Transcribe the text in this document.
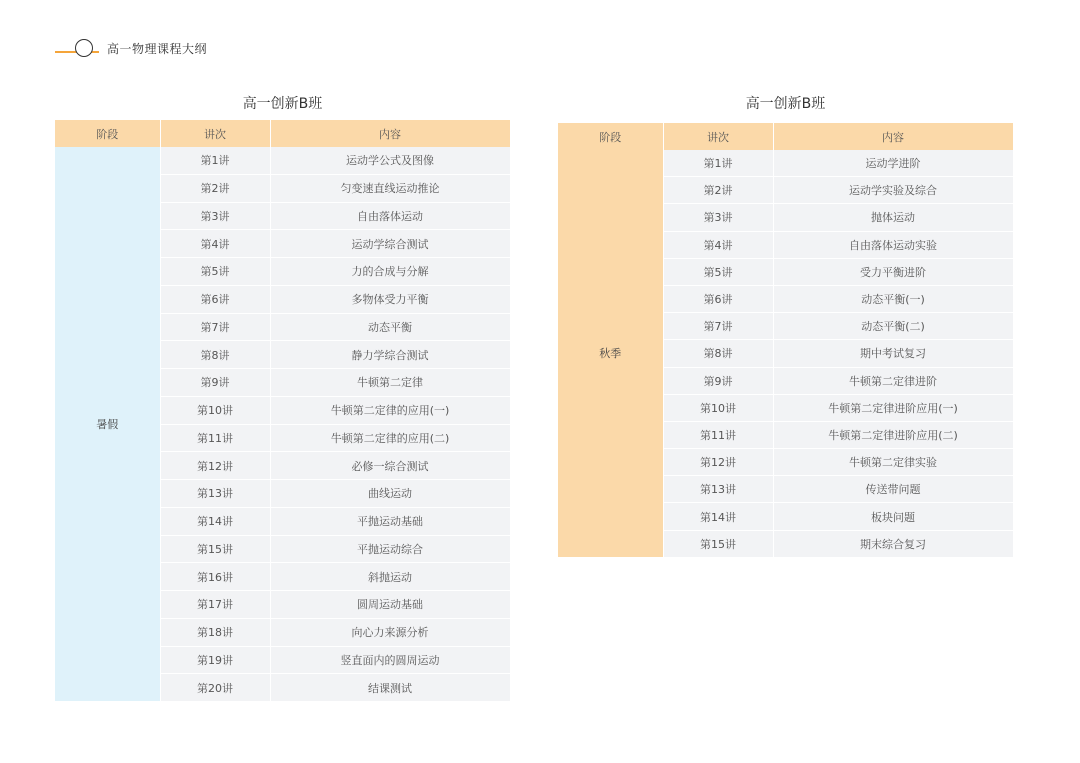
高一物理课程大纲
高一创新B班
阶段	讲次	内容
暑假	第1讲	运动学公式及图像
	第2讲	匀变速直线运动推论
	第3讲	自由落体运动
	第4讲	运动学综合测试
	第5讲	力的合成与分解
	第6讲	多物体受力平衡
	第7讲	动态平衡
	第8讲	静力学综合测试
	第9讲	牛顿第二定律
	第10讲	牛顿第二定律的应用(一)
	第11讲	牛顿第二定律的应用(二)
	第12讲	必修一综合测试
	第13讲	曲线运动
	第14讲	平抛运动基础
	第15讲	平抛运动综合
	第16讲	斜抛运动
	第17讲	圆周运动基础
	第18讲	向心力来源分析
	第19讲	竖直面内的圆周运动
	第20讲	结课测试
高一创新B班
阶段	讲次	内容
秋季	第1讲	运动学进阶
	第2讲	运动学实验及综合
	第3讲	抛体运动
	第4讲	自由落体运动实验
	第5讲	受力平衡进阶
	第6讲	动态平衡(一)
	第7讲	动态平衡(二)
	第8讲	期中考试复习
	第9讲	牛顿第二定律进阶
	第10讲	牛顿第二定律进阶应用(一)
	第11讲	牛顿第二定律进阶应用(二)
	第12讲	牛顿第二定律实验
	第13讲	传送带问题
	第14讲	板块问题
	第15讲	期末综合复习
